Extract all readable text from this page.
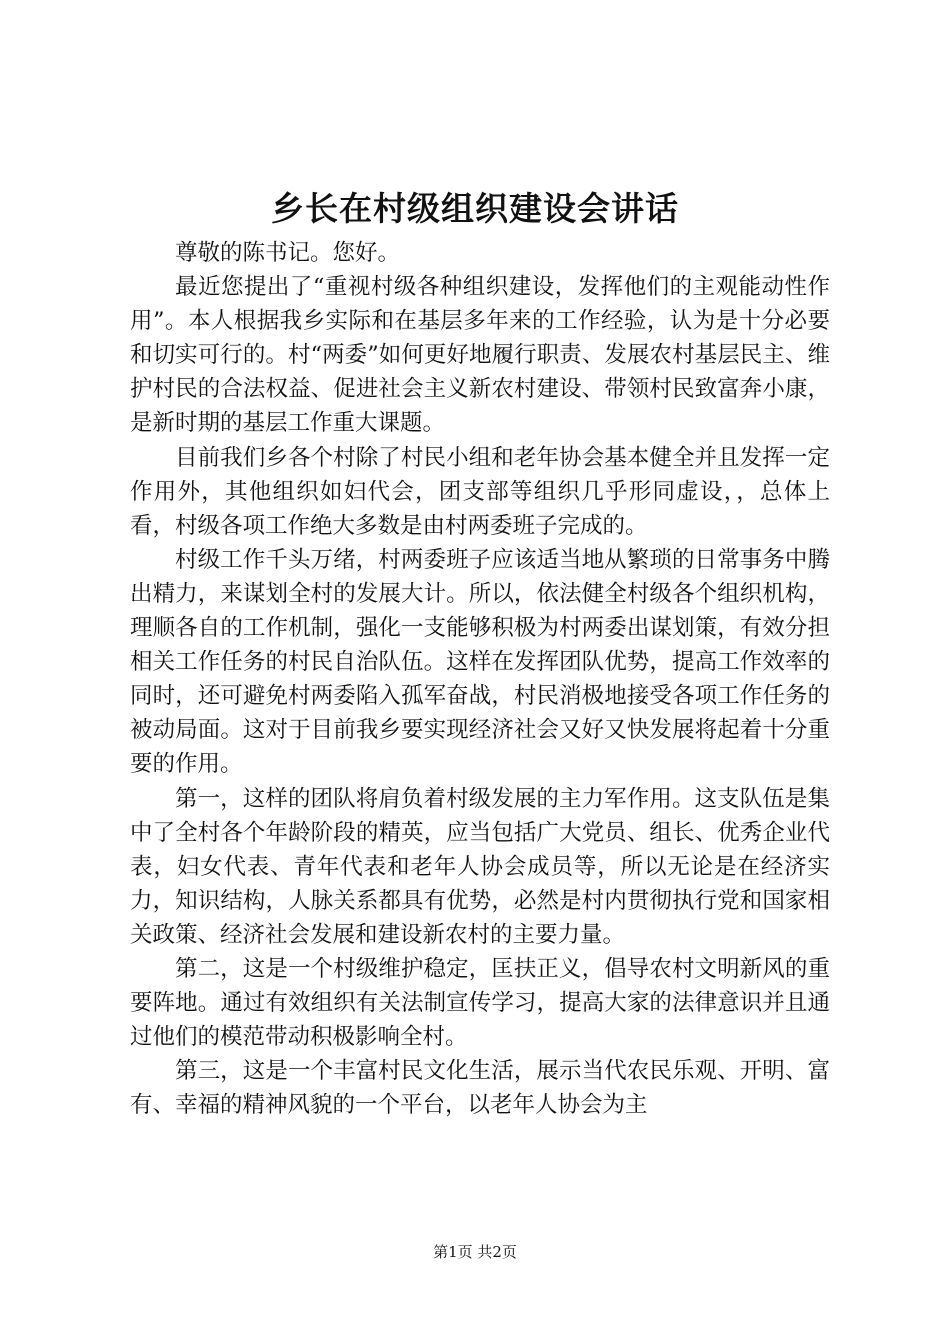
乡长在村级组织建设会讲话

尊敬的陈书记。您好。

最近您提出了“重视村级各种组织建设，发挥他们的主观能动性作用”。本人根据我乡实际和在基层多年来的工作经验，认为是十分必要和切实可行的。村“两委”如何更好地履行职责、发展农村基层民主、维护村民的合法权益、促进社会主义新农村建设、带领村民致富奔小康，是新时期的基层工作重大课题。

目前我们乡各个村除了村民小组和老年协会基本健全并且发挥一定作用外，其他组织如妇代会，团支部等组织几乎形同虚设，，总体上看，村级各项工作绝大多数是由村两委班子完成的。

村级工作千头万绪，村两委班子应该适当地从繁琐的日常事务中腾出精力，来谋划全村的发展大计。所以，依法健全村级各个组织机构，理顺各自的工作机制，强化一支能够积极为村两委出谋划策，有效分担相关工作任务的村民自治队伍。这样在发挥团队优势，提高工作效率的同时，还可避免村两委陷入孤军奋战，村民消极地接受各项工作任务的被动局面。这对于目前我乡要实现经济社会又好又快发展将起着十分重要的作用。

第一，这样的团队将肩负着村级发展的主力军作用。这支队伍是集中了全村各个年龄阶段的精英，应当包括广大党员、组长、优秀企业代表，妇女代表、青年代表和老年人协会成员等，所以无论是在经济实力，知识结构，人脉关系都具有优势，必然是村内贯彻执行党和国家相关政策、经济社会发展和建设新农村的主要力量。

第二，这是一个村级维护稳定，匡扶正义，倡导农村文明新风的重要阵地。通过有效组织有关法制宣传学习，提高大家的法律意识并且通过他们的模范带动积极影响全村。

第三，这是一个丰富村民文化生活，展示当代农民乐观、开明、富有、幸福的精神风貌的一个平台，以老年人协会为主

第1页 共2页
